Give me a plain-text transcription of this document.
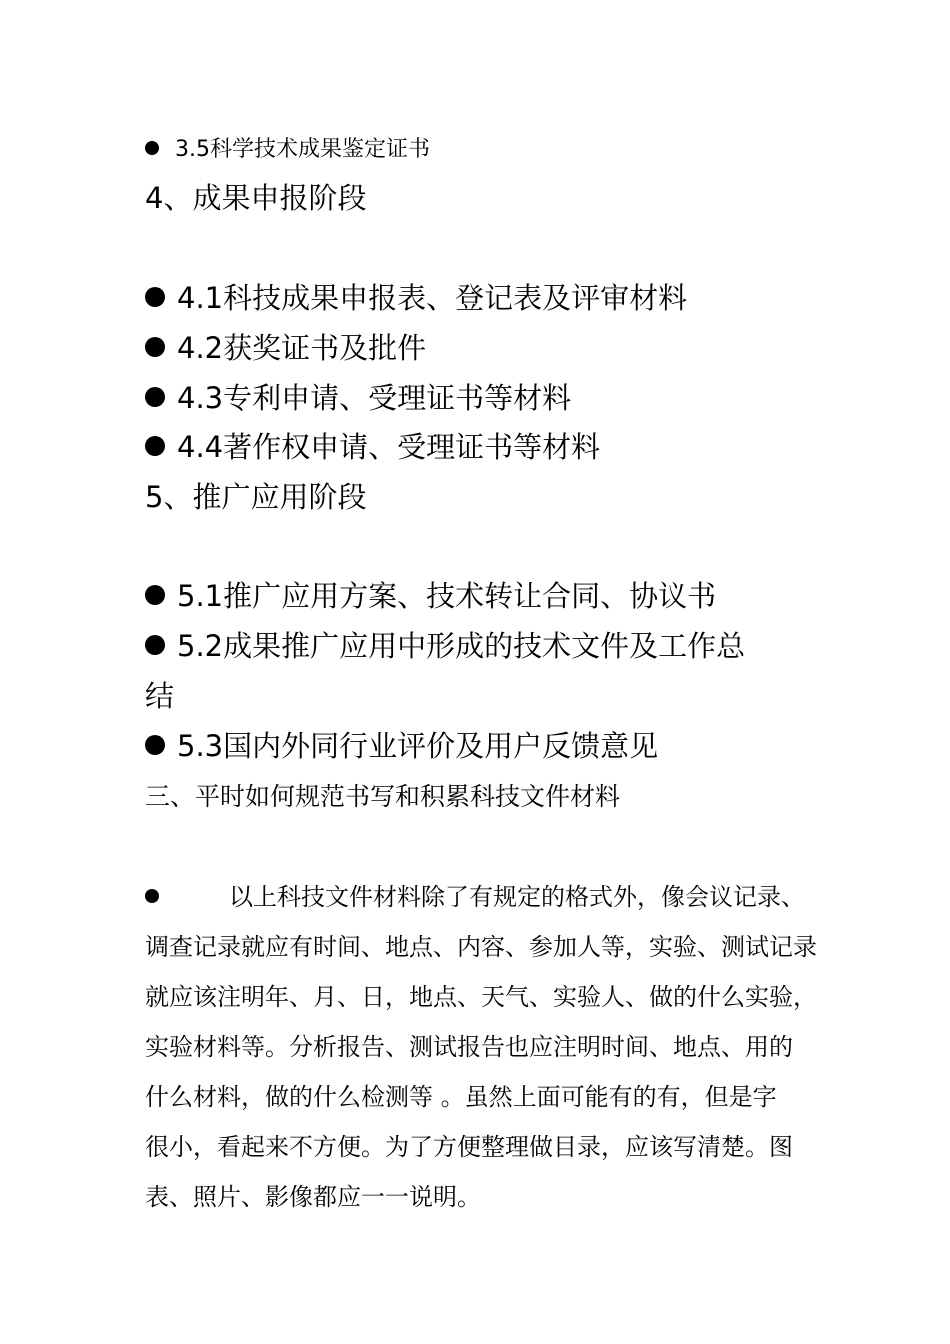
3.5科学技术成果鉴定证书
4、成果申报阶段
4.1科技成果申报表、登记表及评审材料
4.2获奖证书及批件
4.3专利申请、受理证书等材料
4.4著作权申请、受理证书等材料
5、推广应用阶段
5.1推广应用方案、技术转让合同、协议书
5.2成果推广应用中形成的技术文件及工作总
结
5.3国内外同行业评价及用户反馈意见
三、平时如何规范书写和积累科技文件材料
以上科技文件材料除了有规定的格式外，像会议记录、
调查记录就应有时间、地点、内容、参加人等，实验、测试记录
就应该注明年、月、日，地点、天气、实验人、做的什么实验，
实验材料等。分析报告、测试报告也应注明时间、地点、用的
什么材料，做的什么检测等 。虽然上面可能有的有，但是字
很小，看起来不方便。为了方便整理做目录，应该写清楚。图
表、照片、影像都应一一说明。
